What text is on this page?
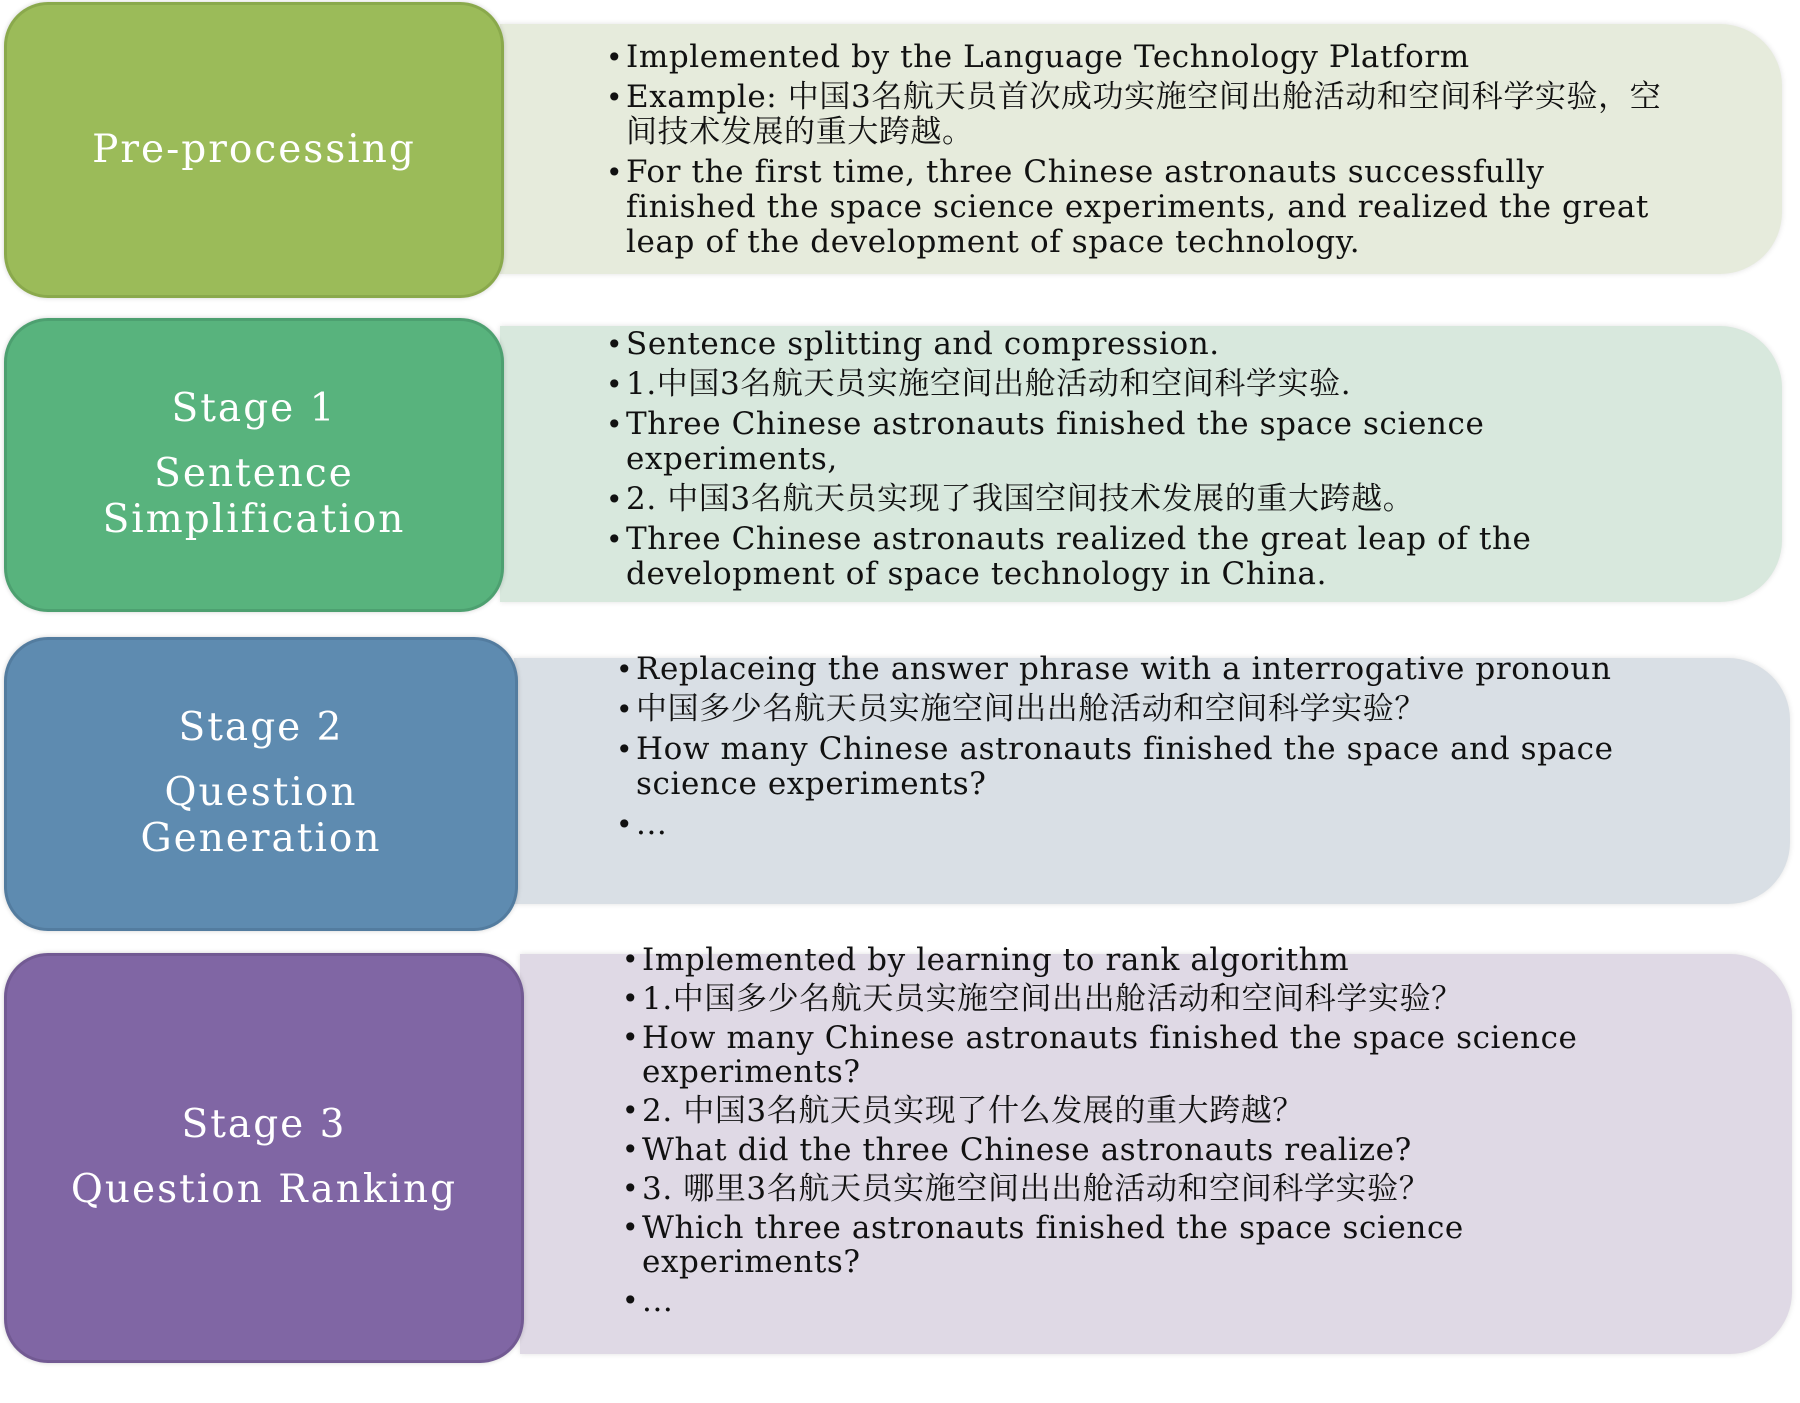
Pre-processing
• Implemented by the Language Technology Platform
• Example: 中国3名航天员首次成功实施空间出舱活动和空间科学实验，空间技术发展的重大跨越。
• For the first time, three Chinese astronauts successfully finished the space science experiments, and realized the great leap of the development of space technology.
Stage 1
Sentence
Simplification
• Sentence splitting and compression.
• 1.中国3名航天员实施空间出舱活动和空间科学实验.
• Three Chinese astronauts finished the space science experiments,
• 2. 中国3名航天员实现了我国空间技术发展的重大跨越。
• Three Chinese astronauts realized the great leap of the development of space technology in China.
Stage 2
Question
Generation
• Replaceing the answer phrase with a interrogative pronoun
• 中国多少名航天员实施空间出出舱活动和空间科学实验？
• How many Chinese astronauts finished the space and space science experiments?
• ...
Stage 3
Question Ranking
• Implemented by learning to rank algorithm
• 1.中国多少名航天员实施空间出出舱活动和空间科学实验？
• How many Chinese astronauts finished the space science experiments?
• 2. 中国3名航天员实现了什么发展的重大跨越？
• What did the three Chinese astronauts realize?
• 3. 哪里3名航天员实施空间出出舱活动和空间科学实验？
• Which three astronauts finished the space science experiments?
• ...
